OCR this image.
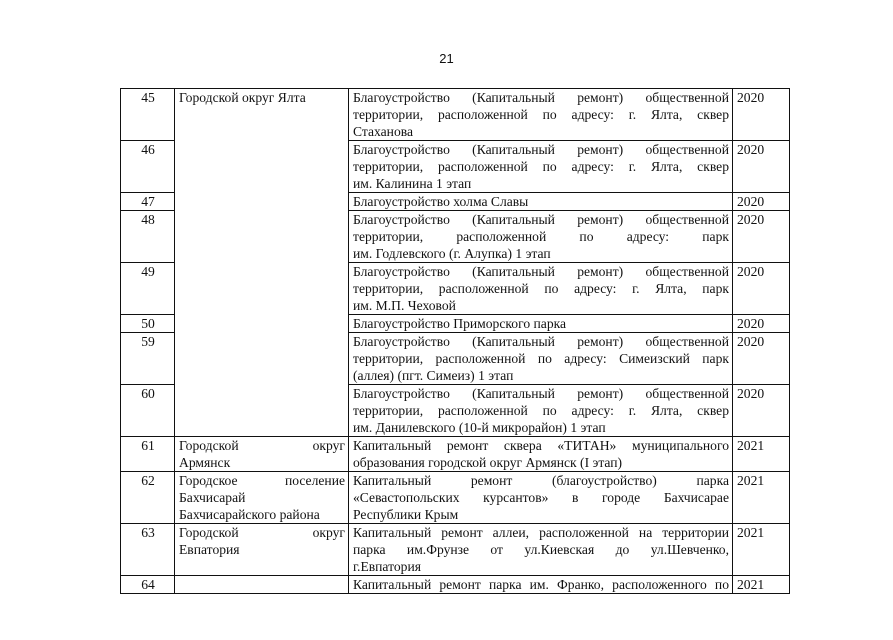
21
45	Городской округ Ялта	Благоустройство (Капитальный ремонт) общественной
территории, расположенной по адресу: г. Ялта, сквер
Стаханова	2020
46		Благоустройство (Капитальный ремонт) общественной
территории, расположенной по адресу: г. Ялта, сквер
им. Калинина 1 этап	2020
47		Благоустройство холма Славы	2020
48		Благоустройство (Капитальный ремонт) общественной
территории, расположенной по адресу: парк
им. Годлевского (г. Алупка) 1 этап	2020
49		Благоустройство (Капитальный ремонт) общественной
территории, расположенной по адресу: г. Ялта, парк
им. М.П. Чеховой	2020
50		Благоустройство Приморского парка	2020
59		Благоустройство (Капитальный ремонт) общественной
территории, расположенной по адресу: Симеизский парк
(аллея) (пгт. Симеиз) 1 этап	2020
60		Благоустройство (Капитальный ремонт) общественной
территории, расположенной по адресу: г. Ялта, сквер
им. Данилевского (10-й микрорайон) 1 этап	2020
61	Городской округ
Армянск	Капитальный ремонт сквера «ТИТАН» муниципального
образования городской округ Армянск (I этап)	2021
62	Городское поселение
Бахчисарай
Бахчисарайского района	Капитальный ремонт (благоустройство) парка
«Севастопольских курсантов» в городе Бахчисарае
Республики Крым	2021
63	Городской округ
Евпатория	Капитальный ремонт аллеи, расположенной на территории
парка им.Фрунзе от ул.Киевская до ул.Шевченко,
г.Евпатория	2021
64		Капитальный ремонт парка им. Франко, расположенного по	2021
